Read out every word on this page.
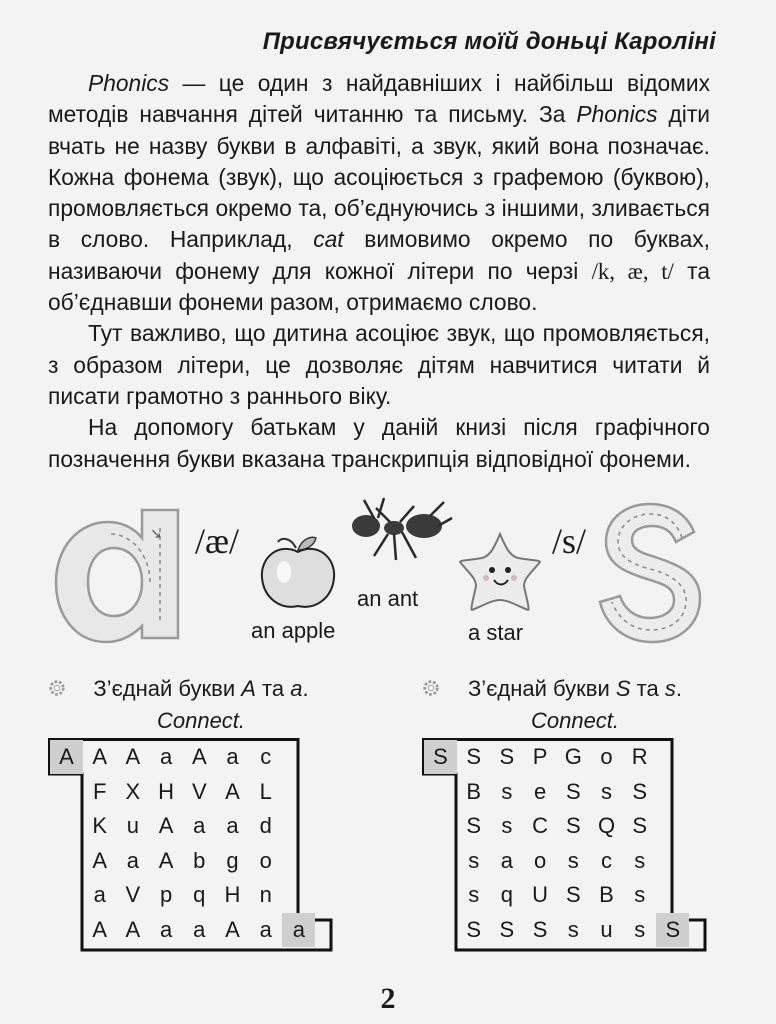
Присвячується моїй доньці Кароліні

Phonics — це один з найдавніших і найбільш відомих методів навчання дітей читанню та письму. За Phonics діти вчать не назву букви в алфавіті, а звук, який вона позначає. Кожна фонема (звук), що асоціюється з графемою (буквою), промовляється окремо та, об’єднуючись з іншими, зливається в слово. Наприклад, cat вимовимо окремо по буквах, називаючи фонему для кожної літери по черзі /k, æ, t/ та об’єднавши фонеми разом, отримаємо слово.

Тут важливо, що дитина асоціює звук, що промовляється, з образом літери, це дозволяє дітям навчитися читати й писати грамотно з раннього віку.

На допомогу батькам у даній книзі після графічного позначення букви вказана транскрипція відповідної фонеми.

↘ /æ/
an apple
an ant
a star
/s/
З’єднай букви A та a.
Connect.
З’єднай букви S та s.
Connect.
A A A a A a c
F X H V A L
K u A a a d
A a A b g o
a V p q H n
A A a a A a a
S S S P G o R
B s e S s S
S s C S Q S
s a o s	c	s
s q U S B s
S S S s u s S
2
